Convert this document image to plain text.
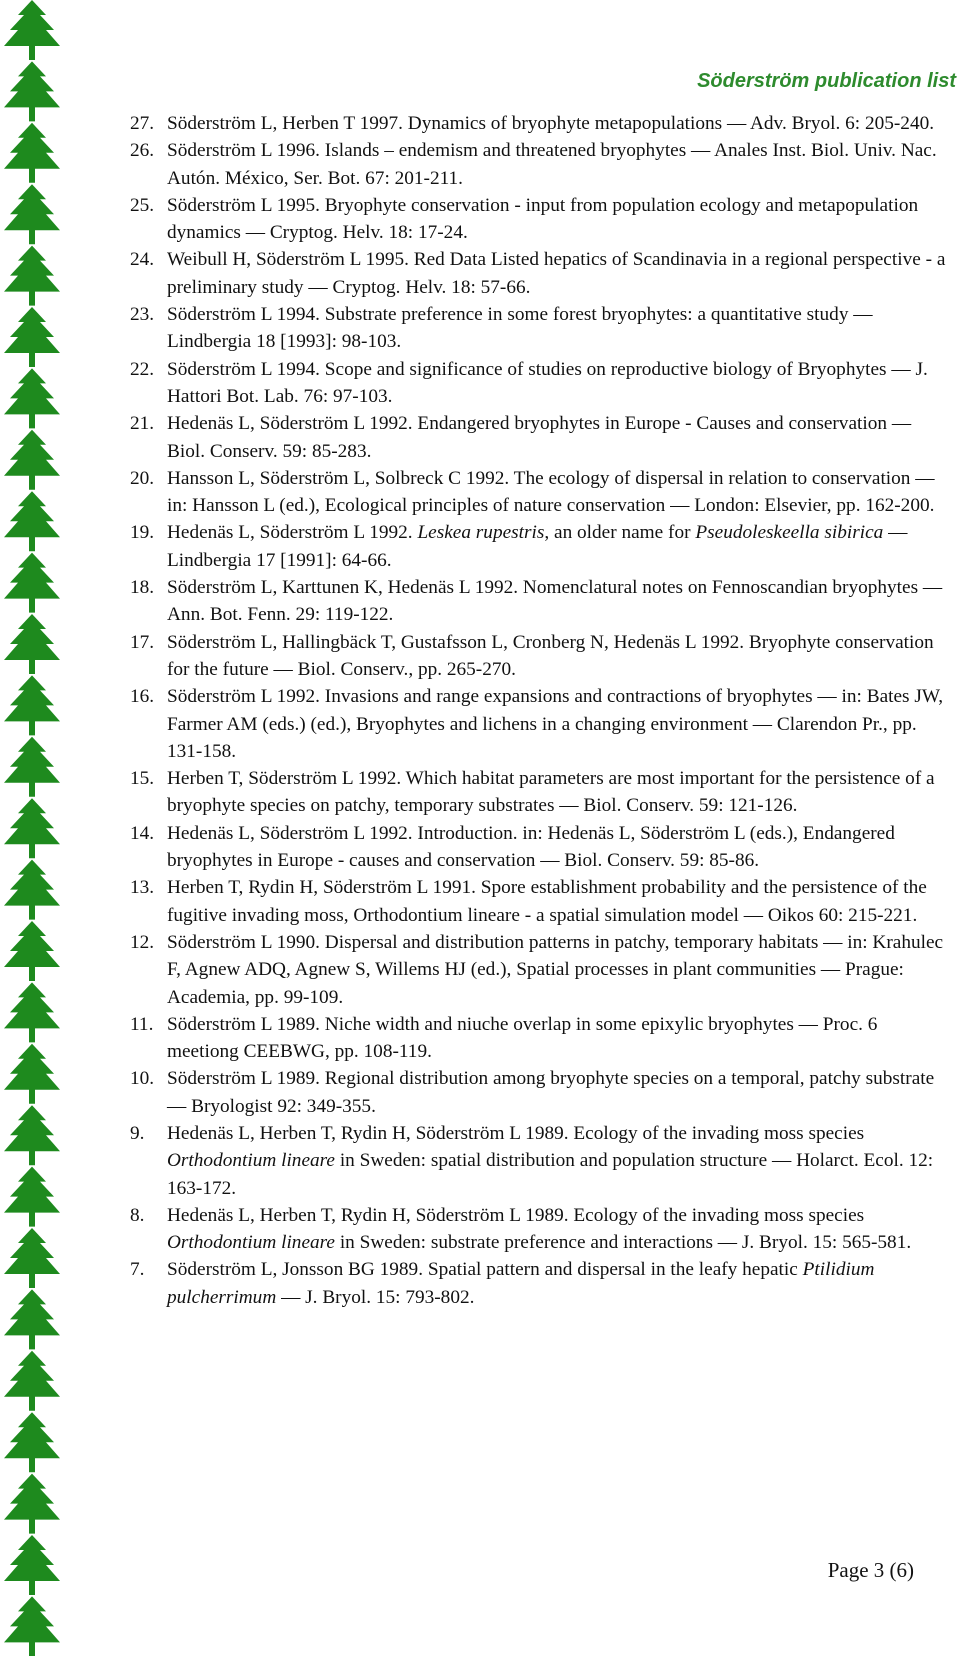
Söderström publication list
27. Söderström L, Herben T 1997. Dynamics of bryophyte metapopulations — Adv. Bryol. 6: 205-240.
26. Söderström L 1996. Islands – endemism and threatened bryophytes — Anales Inst. Biol. Univ. Nac. Autón. México, Ser. Bot. 67: 201-211.
25. Söderström L 1995. Bryophyte conservation - input from population ecology and metapopulation dynamics — Cryptog. Helv. 18: 17-24.
24. Weibull H, Söderström L 1995. Red Data Listed hepatics of Scandinavia in a regional perspective - a preliminary study — Cryptog. Helv. 18: 57-66.
23. Söderström L 1994. Substrate preference in some forest bryophytes: a quantitative study — Lindbergia 18 [1993]: 98-103.
22. Söderström L 1994. Scope and significance of studies on reproductive biology of Bryophytes — J. Hattori Bot. Lab. 76: 97-103.
21. Hedenäs L, Söderström L 1992. Endangered bryophytes in Europe - Causes and conservation — Biol. Conserv. 59: 85-283.
20. Hansson L, Söderström L, Solbreck C 1992. The ecology of dispersal in relation to conservation — in: Hansson L (ed.), Ecological principles of nature conservation — London: Elsevier, pp. 162-200.
19. Hedenäs L, Söderström L 1992. Leskea rupestris, an older name for Pseudoleskeella sibirica — Lindbergia 17 [1991]: 64-66.
18. Söderström L, Karttunen K, Hedenäs L 1992. Nomenclatural notes on Fennoscandian bryophytes — Ann. Bot. Fenn. 29: 119-122.
17. Söderström L, Hallingbäck T, Gustafsson L, Cronberg N, Hedenäs L 1992. Bryophyte conservation for the future — Biol. Conserv., pp. 265-270.
16. Söderström L 1992. Invasions and range expansions and contractions of bryophytes — in: Bates JW, Farmer AM (eds.) (ed.), Bryophytes and lichens in a changing environment — Clarendon Pr., pp. 131-158.
15. Herben T, Söderström L 1992. Which habitat parameters are most important for the persistence of a bryophyte species on patchy, temporary substrates — Biol. Conserv. 59: 121-126.
14. Hedenäs L, Söderström L 1992. Introduction. in: Hedenäs L, Söderström L (eds.), Endangered bryophytes in Europe - causes and conservation — Biol. Conserv. 59: 85-86.
13. Herben T, Rydin H, Söderström L 1991. Spore establishment probability and the persistence of the fugitive invading moss, Orthodontium lineare - a spatial simulation model — Oikos 60: 215-221.
12. Söderström L 1990. Dispersal and distribution patterns in patchy, temporary habitats — in: Krahulec F, Agnew ADQ, Agnew S, Willems HJ (ed.), Spatial processes in plant communities — Prague: Academia, pp. 99-109.
11. Söderström L 1989. Niche width and niuche overlap in some epixylic bryophytes — Proc. 6 meetiong CEEBWG, pp. 108-119.
10. Söderström L 1989. Regional distribution among bryophyte species on a temporal, patchy substrate — Bryologist 92: 349-355.
9. Hedenäs L, Herben T, Rydin H, Söderström L 1989. Ecology of the invading moss species Orthodontium lineare in Sweden: spatial distribution and population structure — Holarct. Ecol. 12: 163-172.
8. Hedenäs L, Herben T, Rydin H, Söderström L 1989. Ecology of the invading moss species Orthodontium lineare in Sweden: substrate preference and interactions — J. Bryol. 15: 565-581.
7. Söderström L, Jonsson BG 1989. Spatial pattern and dispersal in the leafy hepatic Ptilidium pulcherrimum — J. Bryol. 15: 793-802.
Page 3 (6)
